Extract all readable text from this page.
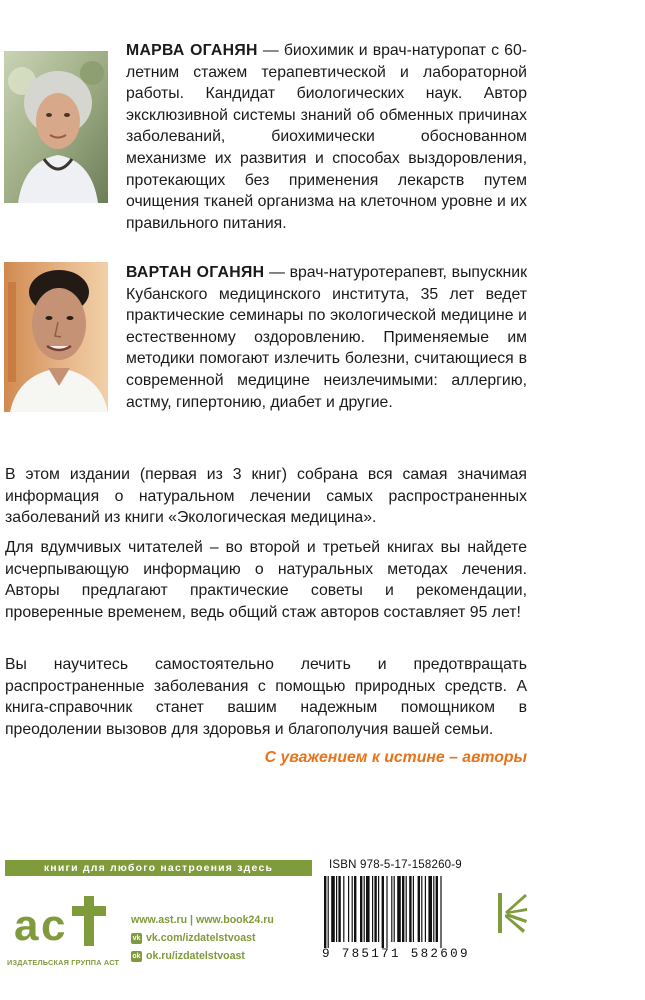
МАРВА ОГАНЯН — биохимик и врач-натуропат с 60-летним стажем терапевтической и лабораторной работы. Кандидат биологических наук. Автор эксклюзивной системы знаний об обменных причинах заболеваний, биохимически обоснованном механизме их развития и способах выздоровления, протекающих без применения лекарств путем очищения тканей организма на клеточном уровне и их правильного питания.

ВАРТАН ОГАНЯН — врач-натуротерапевт, выпускник Кубанского медицинского института, 35 лет ведет практические семинары по экологической медицине и естественному оздоровлению. Применяемые им методики помогают излечить болезни, считающиеся в современной медицине неизлечимыми: аллергию, астму, гипертонию, диабет и другие.

В этом издании (первая из 3 книг) собрана вся самая значимая информация о натуральном лечении самых распространенных заболеваний из книги «Экологическая медицина».

Для вдумчивых читателей – во второй и третьей книгах вы найдете исчерпывающую информацию о натуральных методах лечения. Авторы предлагают практические советы и рекомендации, проверенные временем, ведь общий стаж авторов составляет 95 лет!

Вы научитесь самостоятельно лечить и предотвращать распространенные заболевания с помощью природных средств. А книга-справочник станет вашим надежным помощником в преодолении вызовов для здоровья и благополучия вашей семьи.

С уважением к истине – авторы

книги для любого настроения здесь
a c
ИЗДАТЕЛЬСКАЯ ГРУППА АСТ
www.ast.ru | www.book24.ru
vk vk.com/izdatelstvoast
ok ok.ru/izdatelstvoast
ISBN 978-5-17-158260-9
9 785171 582609
